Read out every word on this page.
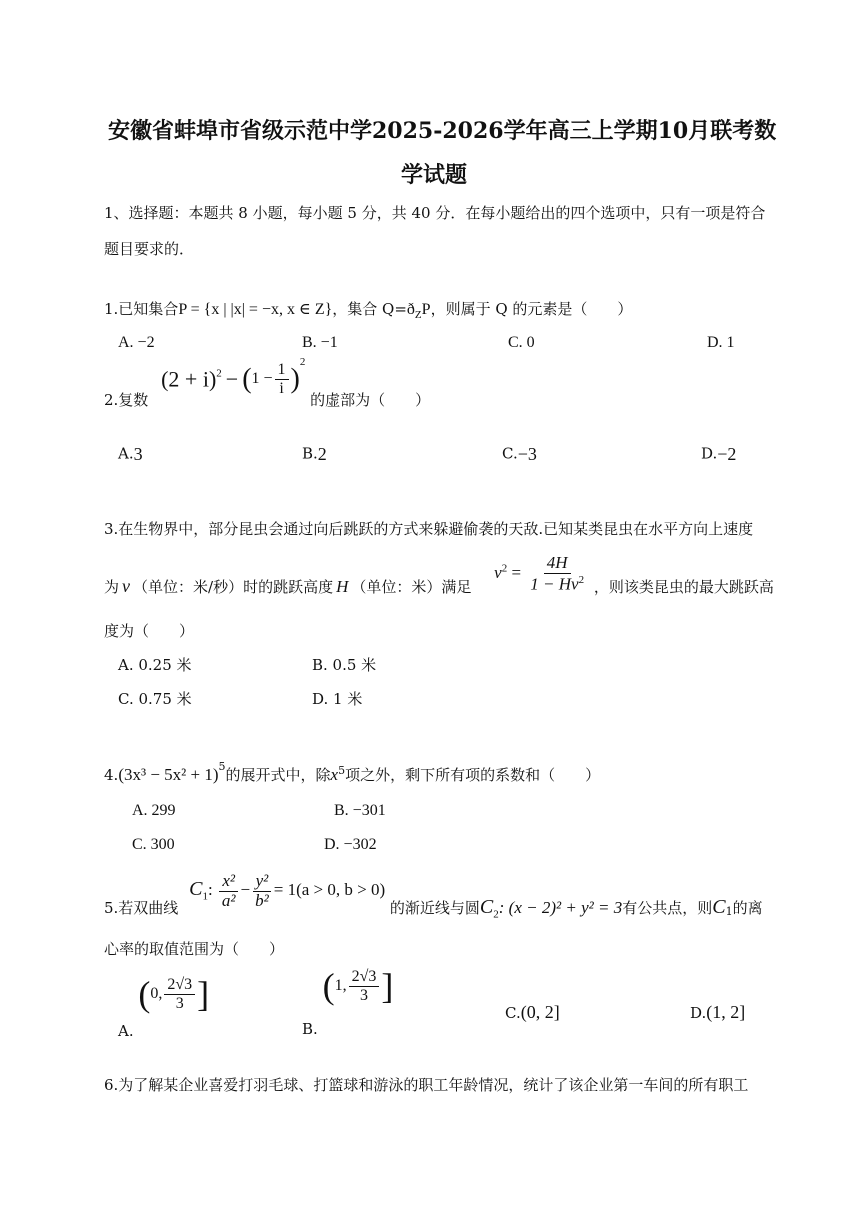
安徽省蚌埠市省级示范中学2025-2026学年高三上学期10月联考数
学试题
1、选择题：本题共 8 小题，每小题 5 分，共 40 分．在每小题给出的四个选项中，只有一项是符合
题目要求的．
1.已知集合P = {x | |x| = −x, x ∈ Z}，集合 $Q=ð_ZP$，则属于 Q 的元素是（　　）
A. −2	B. −1	C. 0	D. 1
2.复数 $(2 + i)^2 - (1 - \frac{1}{i} )^2$ 的虚部为（　　）
A.3	B.2	C.−3	D.−2
3.在生物界中，部分昆虫会通过向后跳跃的方式来躲避偷袭的天敌.已知某类昆虫在水平方向上速度
为 v （单位：米/秒）时的跳跃高度 H （单位：米）满足 $v^2 = \frac{4H}{1 - Hv^2}$ ，则该类昆虫的最大跳跃高
度为（　　）
A. 0.25 米	B. 0.5 米
C. 0.75 米	D. 1 米
$4.(3x^3 - 5x^2 + 1)^5$的展开式中，除$x^5$项之外，剩下所有项的系数和（　　）
A. 299	B. −301
C. 300	D. −302
5.若双曲线 $C_1$: $\frac{\text{x²}}{\text{a²}} - \frac{\text{y²}}{\text{b²}} = 1(a > 0$, b > 0) 的渐近线与圆$C_2$: (x − 2)² + y² = 3有公共点，则$C_1$的离
心率的取值范围为（　　）
A. (0, $\frac{2√3}{3}$ ]
B. (1, $\frac{2√3}{3}$ ]
C.(0, 2]	D.(1, 2]
6.为了解某企业喜爱打羽毛球、打篮球和游泳的职工年龄情况，统计了该企业第一车间的所有职工
